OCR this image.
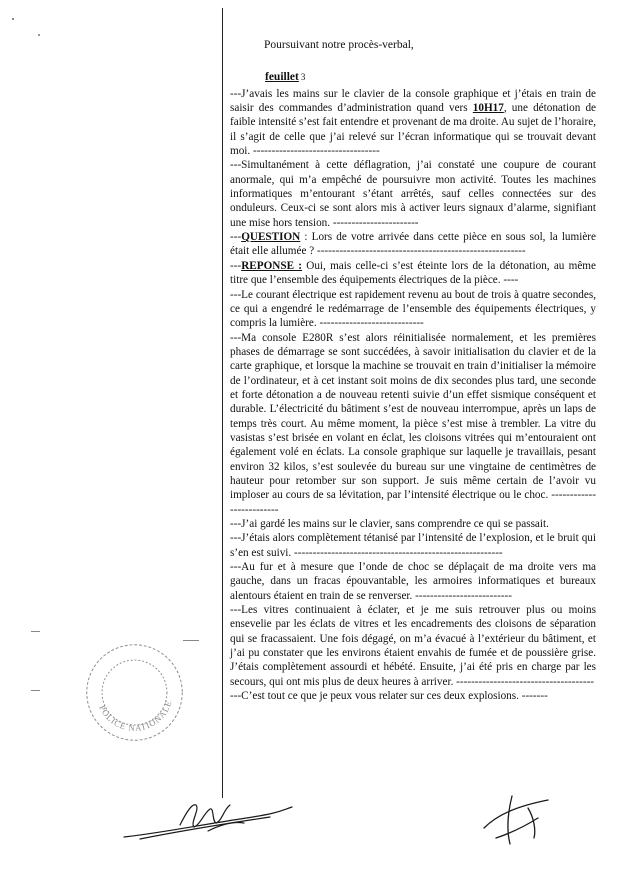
Poursuivant notre procès-verbal,

feuillet 3

---J’avais les mains sur le clavier de la console graphique et j’étais en train de saisir des commandes d’administration quand vers 10H17, une détonation de faible intensité s’est fait entendre et provenant de ma droite. Au sujet de l’horaire, il s’agit de celle que j’ai relevé sur l’écran informatique qui se trouvait devant moi. ----------------------------------

---Simultanément à cette déflagration, j’ai constaté une coupure de courant anormale, qui m’a empêché de poursuivre mon activité. Toutes les machines informatiques m’entourant s’étant arrêtés, sauf celles connectées sur des onduleurs. Ceux-ci se sont alors mis à activer leurs signaux d’alarme, signifiant une mise hors tension. -----------------------

---QUESTION : Lors de votre arrivée dans cette pièce en sous sol, la lumière était elle allumée ? --------------------------------------------------------

---REPONSE : Oui, mais celle-ci s’est éteinte lors de la détonation, au même titre que l’ensemble des équipements électriques de la pièce. ----

---Le courant électrique est rapidement revenu au bout de trois à quatre secondes, ce qui a engendré le redémarrage de l’ensemble des équipements électriques, y compris la lumière. ----------------------------

---Ma console E280R s’est alors réinitialisée normalement, et les premières phases de démarrage se sont succédées, à savoir initialisation du clavier et de la carte graphique, et lorsque la machine se trouvait en train d’initialiser la mémoire de l’ordinateur, et à cet instant soit moins de dix secondes plus tard, une seconde et forte détonation a de nouveau retenti suivie d’un effet sismique conséquent et durable. L’électricité du bâtiment s’est de nouveau interrompue, après un laps de temps très court. Au même moment, la pièce s’est mise à trembler. La vitre du vasistas s’est brisée en volant en éclat, les cloisons vitrées qui m’entouraient ont également volé en éclats. La console graphique sur laquelle je travaillais, pesant environ 32 kilos, s’est soulevée du bureau sur une vingtaine de centimètres de hauteur pour retomber sur son support. Je suis même certain de l’avoir vu imploser au cours de sa lévitation, par l’intensité électrique ou le choc. -------------------------

---J’ai gardé les mains sur le clavier, sans comprendre ce qui se passait.

---J’étais alors complètement tétanisé par l’intensité de l’explosion, et le bruit qui s’en est suivi. --------------------------------------------------------

---Au fur et à mesure que l’onde de choc se déplaçait de ma droite vers ma gauche, dans un fracas épouvantable, les armoires informatiques et bureaux alentours étaient en train de se renverser. --------------------------

---Les vitres continuaient à éclater, et je me suis retrouver plus ou moins ensevelie par les éclats de vitres et les encadrements des cloisons de séparation qui se fracassaient. Une fois dégagé, on m’a évacué à l’extérieur du bâtiment, et j’ai pu constater que les environs étaient envahis de fumée et de poussière grise. J’étais complètement assourdi et hébété. Ensuite, j’ai été pris en charge par les secours, qui ont mis plus de deux heures à arriver. -------------------------------------

---C’est tout ce que je peux vous relater sur ces deux explosions. -------

POLICE NATIONALE
